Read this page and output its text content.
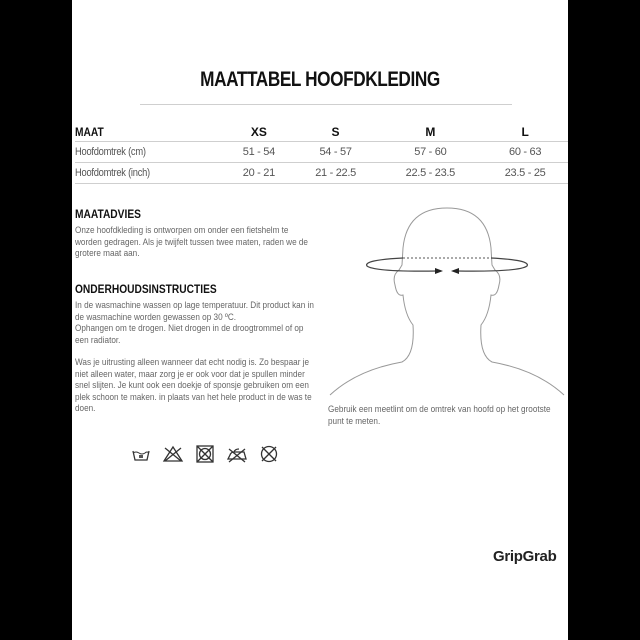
MAATTABEL HOOFDKLEDING
MAAT	XS	S	M	L
Hoofdomtrek (cm)	51 - 54	54 - 57	57 - 60	60 - 63
Hoofdomtrek (inch)	20 - 21	21 - 22.5	22.5 - 23.5	23.5 - 25
MAATADVIES

Onze hoofdkleding is ontworpen om onder een fietshelm te worden gedragen. Als je twijfelt tussen twee maten, raden we de grotere maat aan.

ONDERHOUDSINSTRUCTIES

In de wasmachine wassen op lage temperatuur. Dit product kan in de wasmachine worden gewassen op 30 ºC.

Ophangen om te drogen. Niet drogen in de droogtrommel of op een radiator.

Was je uitrusting alleen wanneer dat echt nodig is. Zo bespaar je niet alleen water, maar zorg je er ook voor dat je spullen minder snel slijten. Je kunt ook een doekje of sponsje gebruiken om een plek schoon te maken. in plaats van het hele product in de was te doen.	Gebruik een meetlint om de omtrek van hoofd op het grootste punt te meten.
GripGrab
